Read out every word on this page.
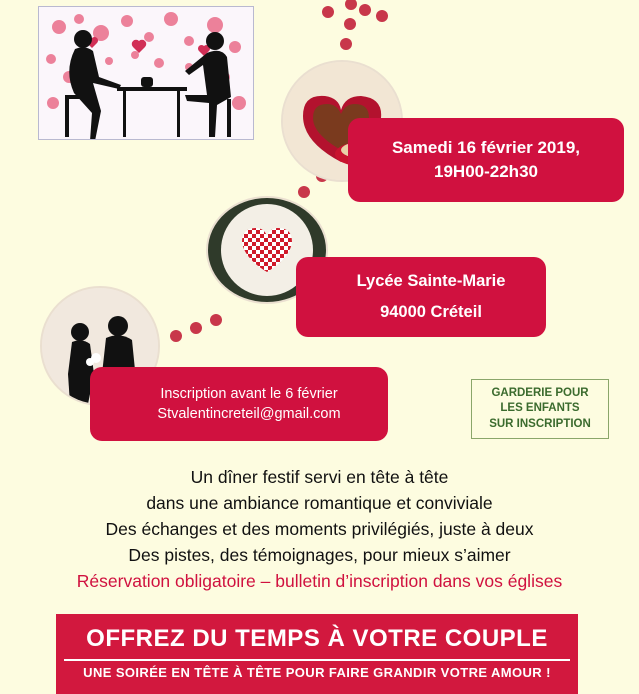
Samedi 16 février 2019,
19H00-22h30
Lycée Sainte-Marie
94000 Créteil
Inscription avant le 6 février
Stvalentincreteil@gmail.com
GARDERIE POUR
LES ENFANTS
SUR INSCRIPTION
Un dîner festif servi en tête à tête
dans une ambiance romantique et conviviale
Des échanges et des moments privilégiés, juste à deux
Des pistes, des témoignages, pour mieux s’aimer
Réservation obligatoire – bulletin d’inscription dans vos églises
OFFREZ DU TEMPS À VOTRE COUPLE
UNE SOIRÉE EN TÊTE À TÊTE POUR FAIRE GRANDIR VOTRE AMOUR !
